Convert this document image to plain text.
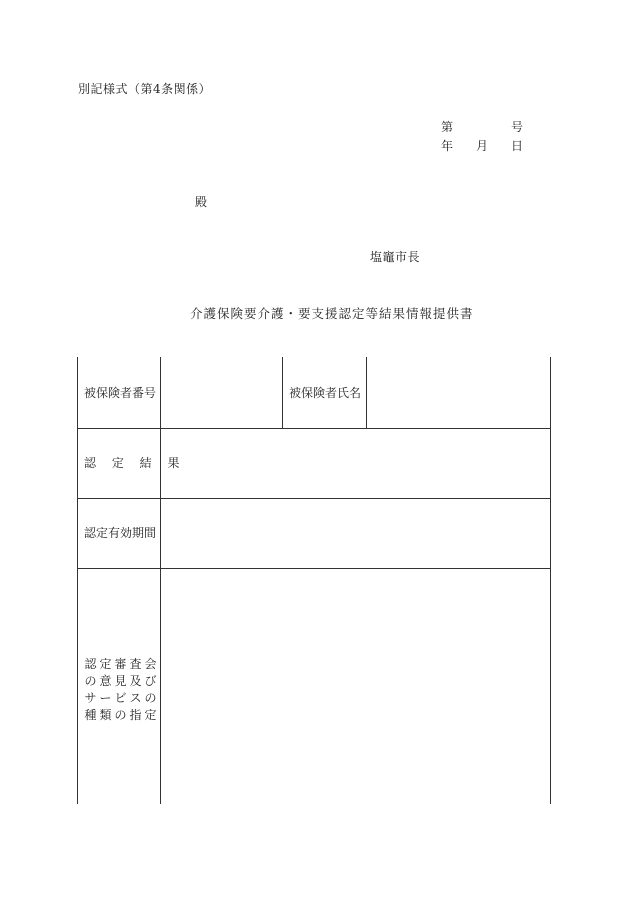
別記様式（第4条関係）
第	号
年 月 日
殿
塩竈市長
介護保険要介護・要支援認定等結果情報提供書
被保険者番号	被保険者氏名
認 定 結 果
認定有効期間
認 定 審 査 会
の 意 見 及 び
サ ー ビ ス の
種 類 の 指 定
